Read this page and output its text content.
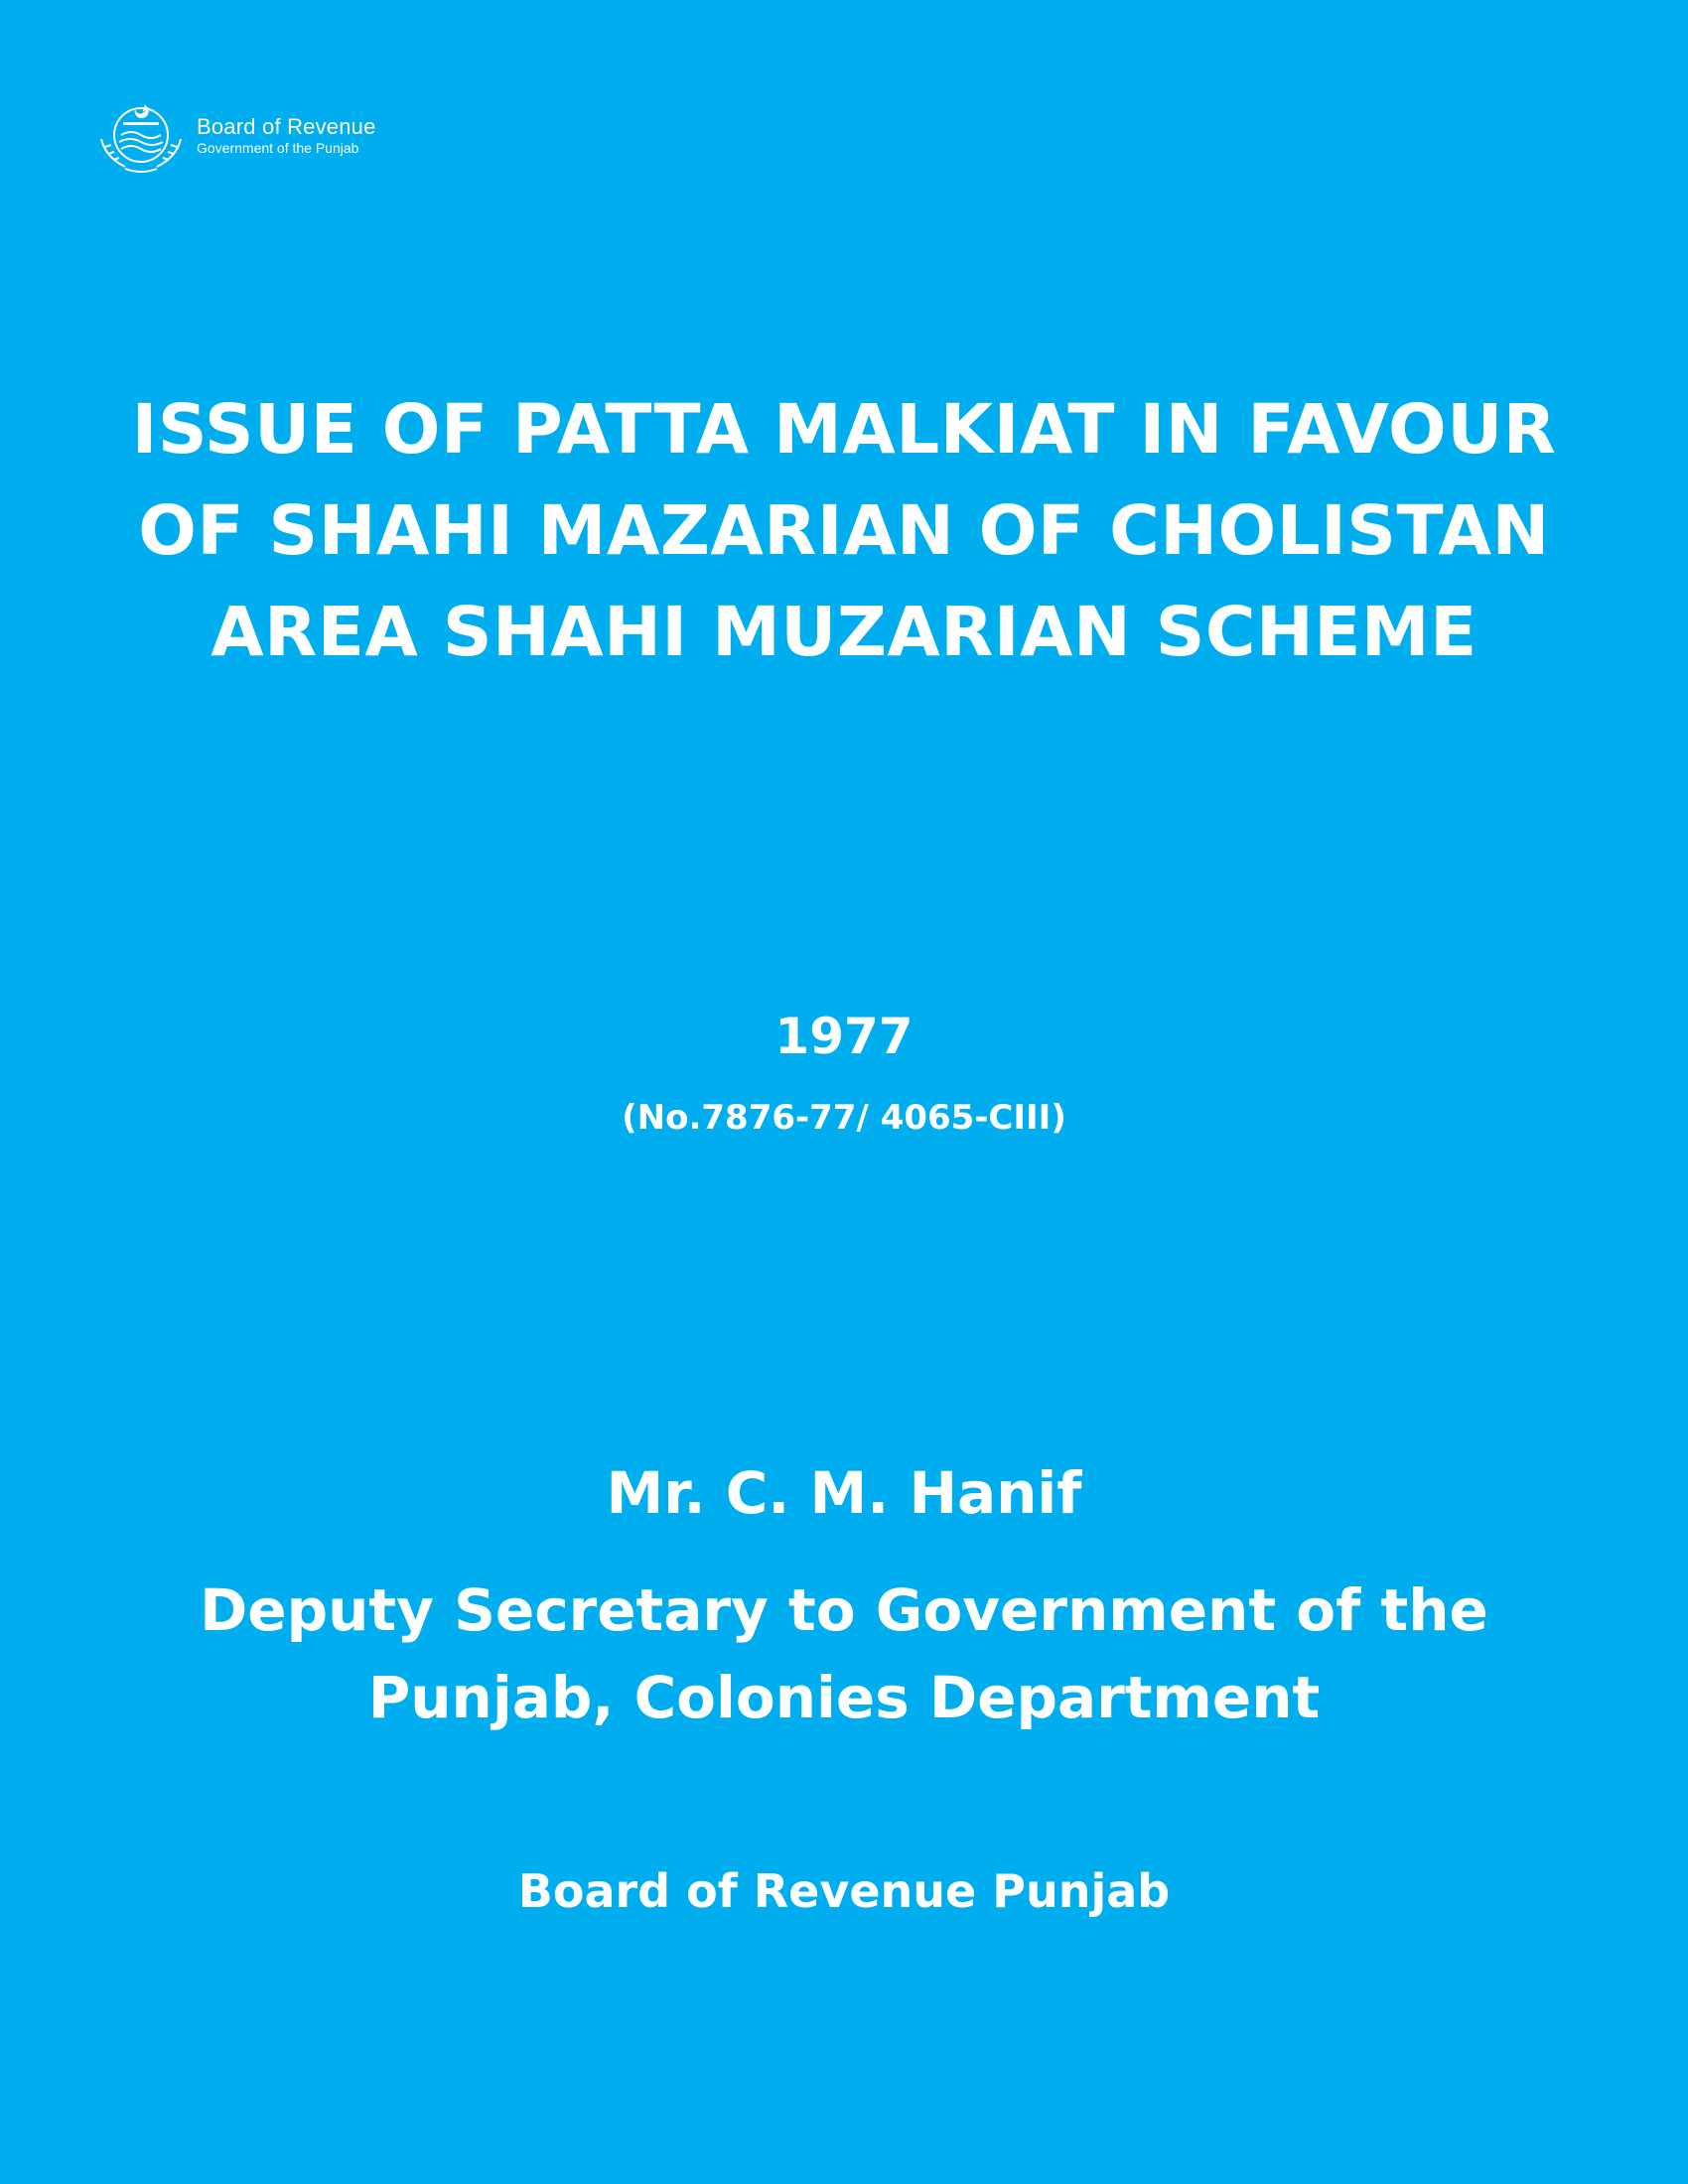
Board of Revenue
Government of the Punjab
ISSUE OF PATTA MALKIAT IN FAVOUR OF SHAHI MAZARIAN OF CHOLISTAN AREA SHAHI MUZARIAN SCHEME
1977
(No.7876-77/ 4065-CIII)
Mr. C. M. Hanif
Deputy Secretary to Government of the Punjab, Colonies Department
Board of Revenue Punjab
